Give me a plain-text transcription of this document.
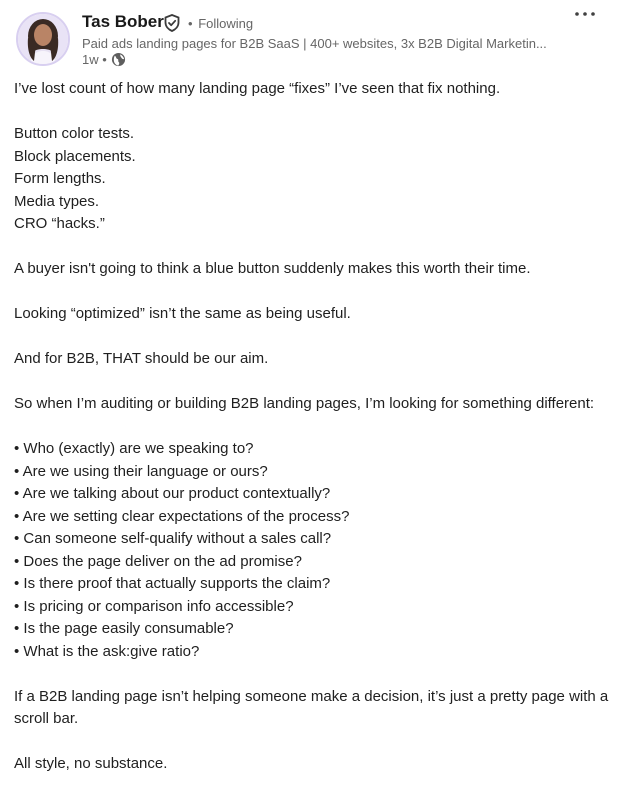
Tas Bober • Following
Paid ads landing pages for B2B SaaS | 400+ websites, 3x B2B Digital Marketin...
1w •

I’ve lost count of how many landing page “fixes” I’ve seen that fix nothing.

Button color tests.

Block placements.

Form lengths.

Media types.

CRO “hacks.”

A buyer isn't going to think a blue button suddenly makes this worth their time.

Looking “optimized” isn’t the same as being useful.

And for B2B, THAT should be our aim.

So when I’m auditing or building B2B landing pages, I’m looking for something different:

• Who (exactly) are we speaking to?

• Are we using their language or ours?

• Are we talking about our product contextually?

• Are we setting clear expectations of the process?

• Can someone self-qualify without a sales call?

• Does the page deliver on the ad promise?

• Is there proof that actually supports the claim?

• Is pricing or comparison info accessible?

• Is the page easily consumable?

• What is the ask:give ratio?

If a B2B landing page isn’t helping someone make a decision, it’s just a pretty page with a scroll bar.

All style, no substance.
